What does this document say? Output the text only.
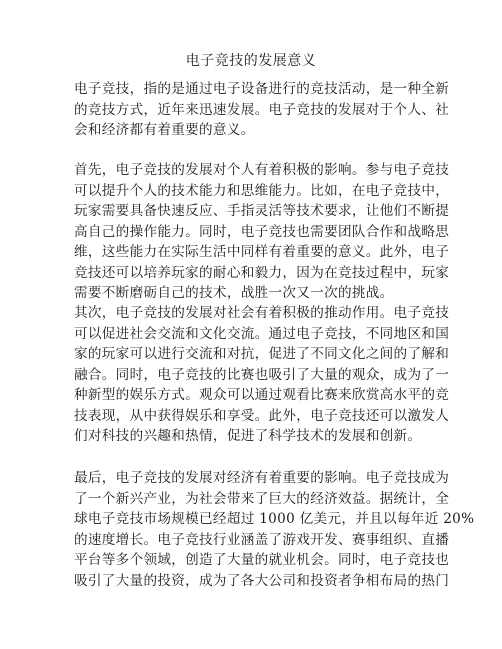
电子竞技的发展意义
电子竞技，指的是通过电子设备进行的竞技活动，是一种全新
的竞技方式，近年来迅速发展。电子竞技的发展对于个人、社
会和经济都有着重要的意义。
首先，电子竞技的发展对个人有着积极的影响。参与电子竞技
可以提升个人的技术能力和思维能力。比如，在电子竞技中，
玩家需要具备快速反应、手指灵活等技术要求，让他们不断提
高自己的操作能力。同时，电子竞技也需要团队合作和战略思
维，这些能力在实际生活中同样有着重要的意义。此外，电子
竞技还可以培养玩家的耐心和毅力，因为在竞技过程中，玩家
需要不断磨砺自己的技术，战胜一次又一次的挑战。
其次，电子竞技的发展对社会有着积极的推动作用。电子竞技
可以促进社会交流和文化交流。通过电子竞技，不同地区和国
家的玩家可以进行交流和对抗，促进了不同文化之间的了解和
融合。同时，电子竞技的比赛也吸引了大量的观众，成为了一
种新型的娱乐方式。观众可以通过观看比赛来欣赏高水平的竞
技表现，从中获得娱乐和享受。此外，电子竞技还可以激发人
们对科技的兴趣和热情，促进了科学技术的发展和创新。
最后，电子竞技的发展对经济有着重要的影响。电子竞技成为
了一个新兴产业，为社会带来了巨大的经济效益。据统计，全
球电子竞技市场规模已经超过 1000 亿美元，并且以每年近 20%
的速度增长。电子竞技行业涵盖了游戏开发、赛事组织、直播
平台等多个领域，创造了大量的就业机会。同时，电子竞技也
吸引了大量的投资，成为了各大公司和投资者争相布局的热门
